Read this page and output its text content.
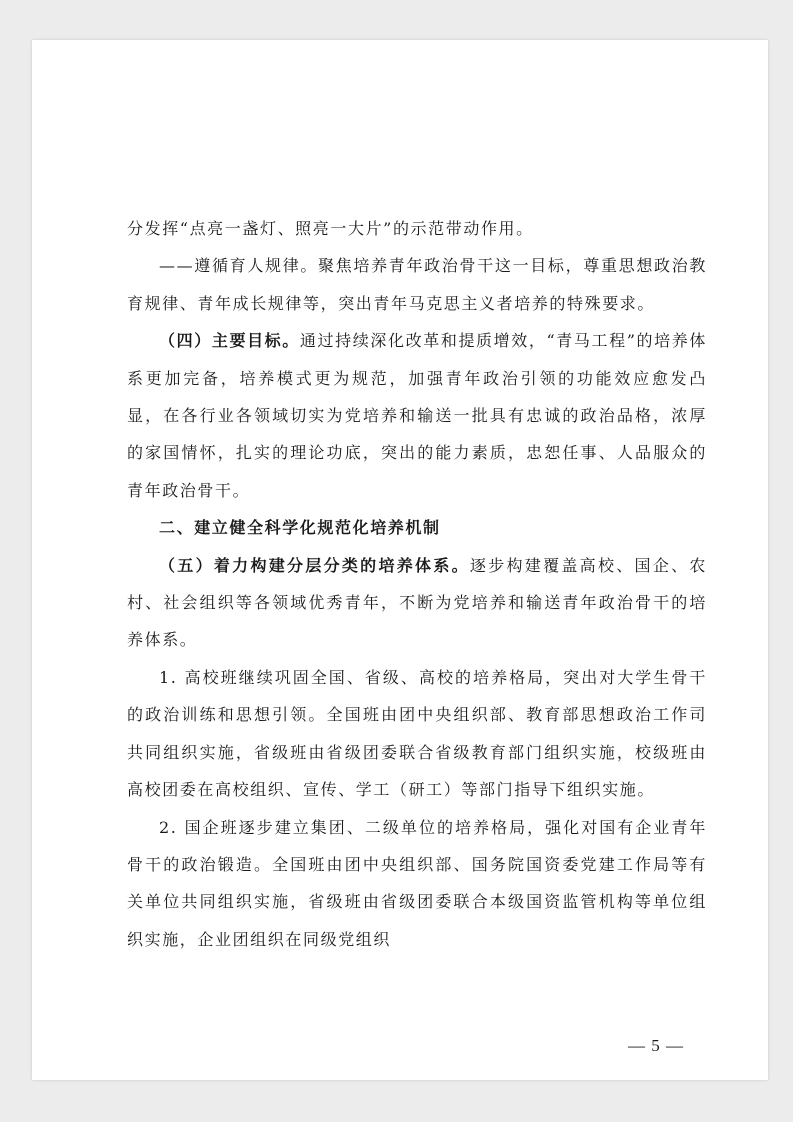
分发挥“点亮一盏灯、照亮一大片”的示范带动作用。

——遵循育人规律。聚焦培养青年政治骨干这一目标，尊重思想政治教育规律、青年成长规律等，突出青年马克思主义者培养的特殊要求。

（四）主要目标。通过持续深化改革和提质增效，“青马工程”的培养体系更加完备，培养模式更为规范，加强青年政治引领的功能效应愈发凸显，在各行业各领域切实为党培养和输送一批具有忠诚的政治品格，浓厚的家国情怀，扎实的理论功底，突出的能力素质，忠恕任事、人品服众的青年政治骨干。

二、建立健全科学化规范化培养机制

（五）着力构建分层分类的培养体系。逐步构建覆盖高校、国企、农村、社会组织等各领域优秀青年，不断为党培养和输送青年政治骨干的培养体系。

1. 高校班继续巩固全国、省级、高校的培养格局，突出对大学生骨干的政治训练和思想引领。全国班由团中央组织部、教育部思想政治工作司共同组织实施，省级班由省级团委联合省级教育部门组织实施，校级班由高校团委在高校组织、宣传、学工（研工）等部门指导下组织实施。

2. 国企班逐步建立集团、二级单位的培养格局，强化对国有企业青年骨干的政治锻造。全国班由团中央组织部、国务院国资委党建工作局等有关单位共同组织实施，省级班由省级团委联合本级国资监管机构等单位组织实施，企业团组织在同级党组织

— 5 —
